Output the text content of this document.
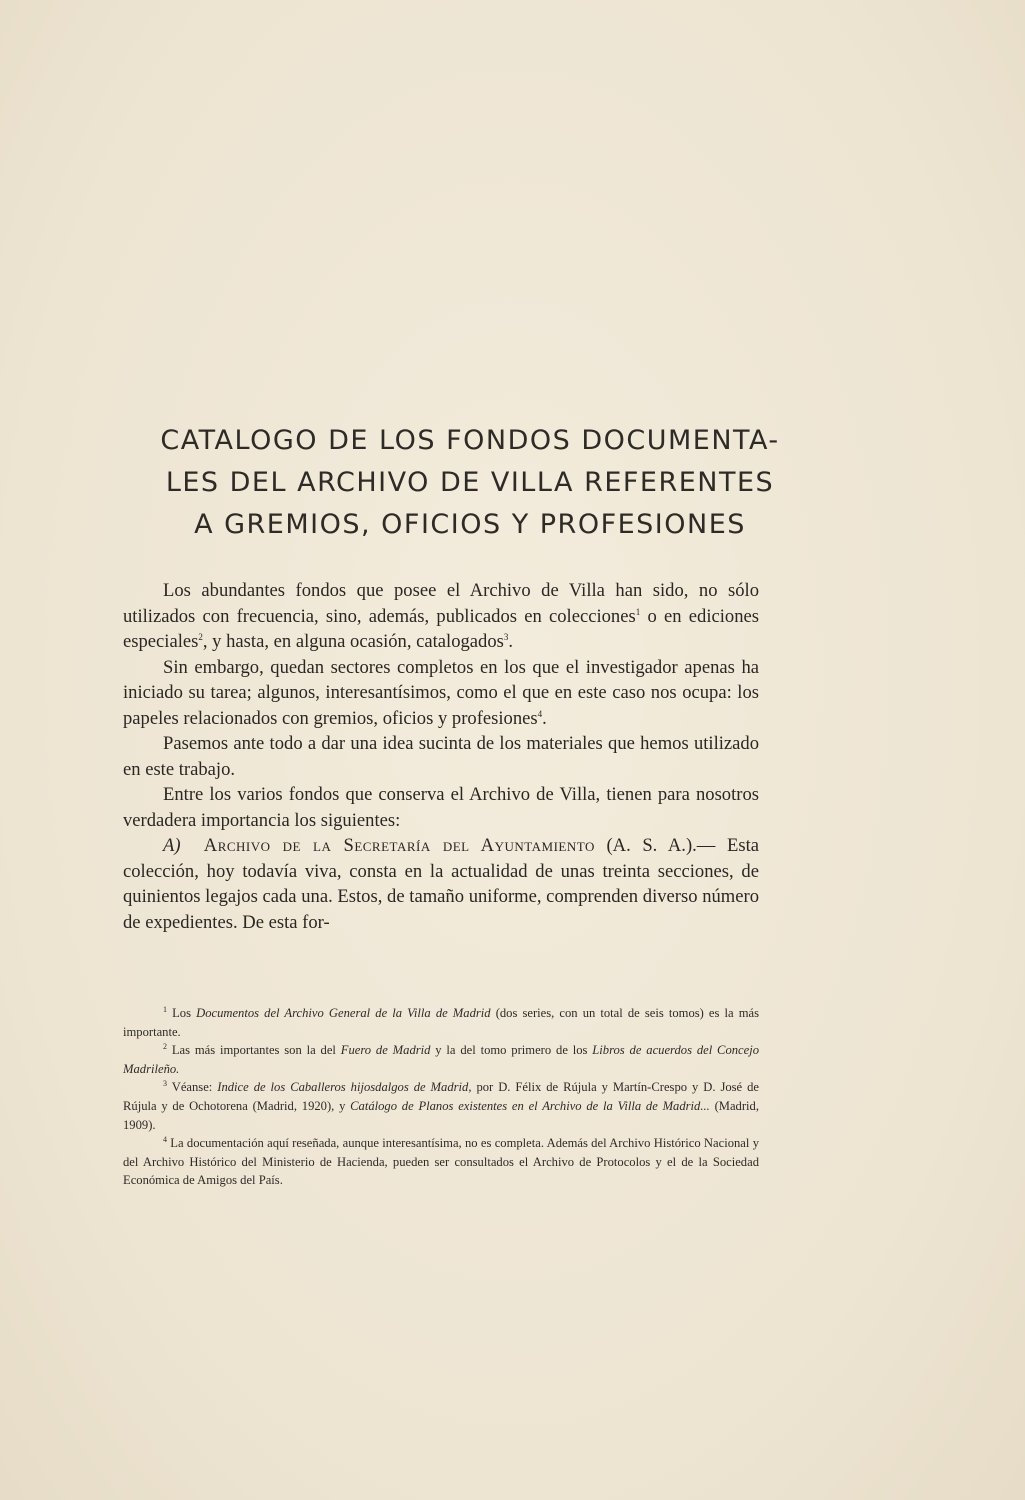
CATALOGO DE LOS FONDOS DOCUMENTA-
LES DEL ARCHIVO DE VILLA REFERENTES
A GREMIOS, OFICIOS Y PROFESIONES

Los abundantes fondos que posee el Archivo de Villa han sido, no sólo utilizados con frecuencia, sino, además, publicados en colecciones$^1$ o en ediciones especiales$^2$, y hasta, en alguna ocasión, catalogados$^3$.

Sin embargo, quedan sectores completos en los que el investigador apenas ha iniciado su tarea; algunos, interesantísimos, como el que en este caso nos ocupa: los papeles relacionados con gremios, oficios y profesiones$^4$.

Pasemos ante todo a dar una idea sucinta de los materiales que hemos utilizado en este trabajo.

Entre los varios fondos que conserva el Archivo de Villa, tienen para nosotros verdadera importancia los siguientes:

A) Archivo de la Secretaría del Ayuntamiento (A. S. A.).— Esta colección, hoy todavía viva, consta en la actualidad de unas treinta secciones, de quinientos legajos cada una. Estos, de tamaño uniforme, comprenden diverso número de expedientes. De esta for-

$^1$ Los Documentos del Archivo General de la Villa de Madrid (dos series, con un total de seis tomos) es la más importante.

$^2$ Las más importantes son la del Fuero de Madrid y la del tomo primero de los Libros de acuerdos del Concejo Madrileño.

$^3$ Véanse: Indice de los Caballeros hijosdalgos de Madrid, por D. Félix de Rújula y Martín-Crespo y D. José de Rújula y de Ochotorena (Madrid, 1920), y Catálogo de Planos existentes en el Archivo de la Villa de Madrid... (Madrid, 1909).

$^4$ La documentación aquí reseñada, aunque interesantísima, no es completa. Además del Archivo Histórico Nacional y del Archivo Histórico del Ministerio de Hacienda, pueden ser consultados el Archivo de Protocolos y el de la Sociedad Económica de Amigos del País.
